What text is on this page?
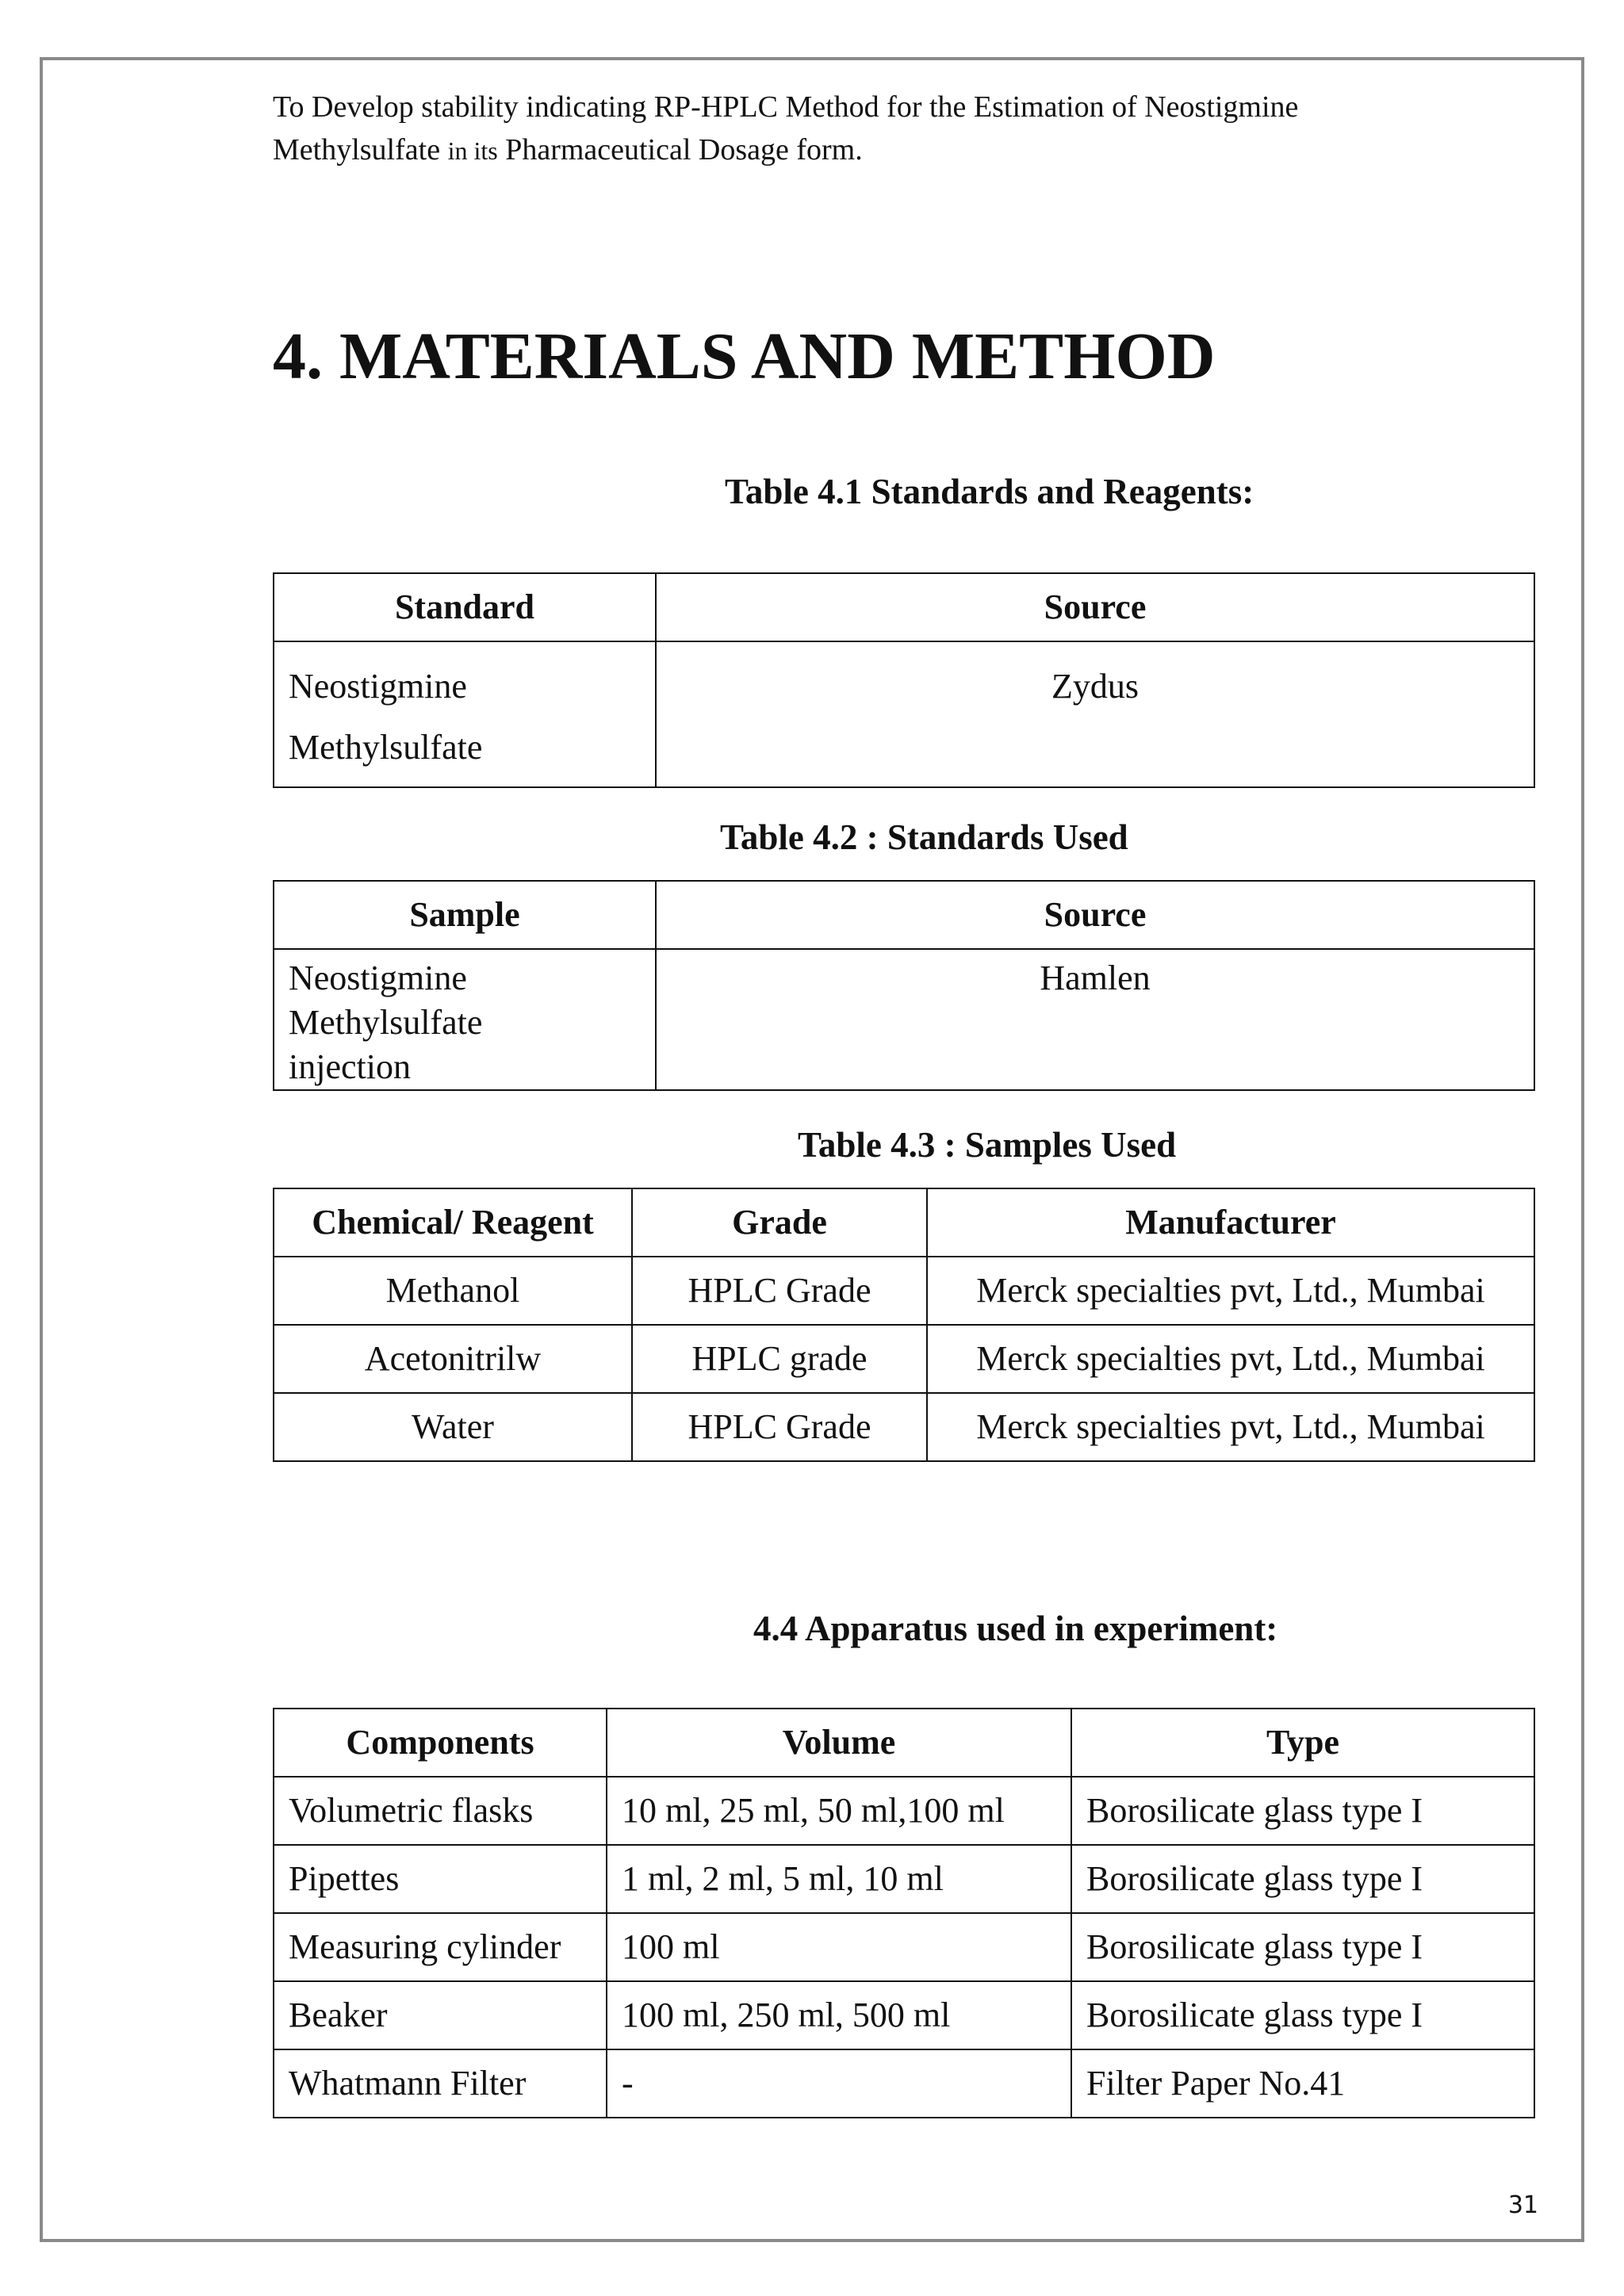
To Develop stability indicating RP-HPLC Method for the Estimation of Neostigmine
Methylsulfate in its Pharmaceutical Dosage form.
4. MATERIALS AND METHOD
Table 4.1 Standards and Reagents:
Standard	Source

Neostigmine
Methylsulfate	Zydus
Table 4.2 : Standards Used
Sample	Source

Neostigmine
Methylsulfate
injection	Hamlen
Table 4.3 : Samples Used
Chemical/ Reagent	Grade	Manufacturer
Methanol	HPLC Grade	Merck specialties pvt, Ltd., Mumbai
Acetonitrilw	HPLC grade	Merck specialties pvt, Ltd., Mumbai
Water	HPLC Grade	Merck specialties pvt, Ltd., Mumbai
4.4 Apparatus used in experiment:
Components	Volume	Type
Volumetric flasks	10 ml, 25 ml, 50 ml,100 ml	Borosilicate glass type I
Pipettes	1 ml, 2 ml, 5 ml, 10 ml	Borosilicate glass type I
Measuring cylinder	100 ml	Borosilicate glass type I
Beaker	100 ml, 250 ml, 500 ml	Borosilicate glass type I
Whatmann Filter	-	Filter Paper No.41
31
